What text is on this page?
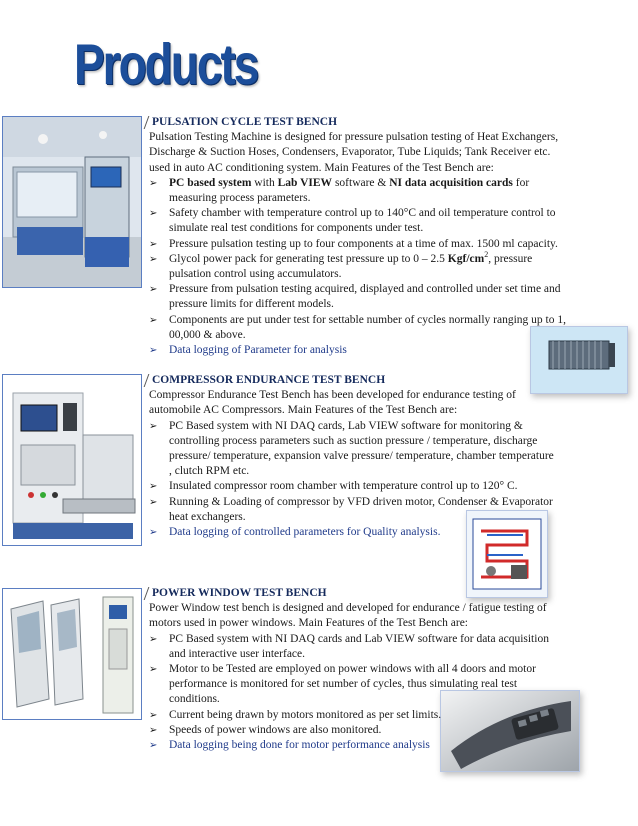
Products
PULSATION CYCLE TEST BENCH

Pulsation Testing Machine is designed for pressure pulsation testing of Heat Exchangers, Discharge & Suction Hoses, Condensers, Evaporator, Tube Liquids; Tank Receiver etc. used in auto AC conditioning system. Main Features of the Test Bench are:

➢ PC based system with Lab VIEW software & NI data acquisition cards for measuring process parameters.
➢ Safety chamber with temperature control up to 140°C and oil temperature control to simulate real test conditions for components under test.
➢ Pressure pulsation testing up to four components at a time of max. 1500 ml capacity.
➢ Glycol power pack for generating test pressure up to 0 – 2.5 Kgf/$cm^2$, pressure pulsation control using accumulators.
➢ Pressure from pulsation testing acquired, displayed and controlled under set time and pressure limits for different models.
➢ Components are put under test for settable number of cycles normally ranging up to 1, 00,000 & above.
➢ Data logging of Parameter for analysis
COMPRESSOR ENDURANCE TEST BENCH

Compressor Endurance Test Bench has been developed for endurance testing of automobile AC Compressors. Main Features of the Test Bench are:

➢ PC Based system with NI DAQ cards, Lab VIEW software for monitoring & controlling process parameters such as suction pressure / temperature, discharge pressure/ temperature, expansion valve pressure/ temperature, chamber temperature , clutch RPM etc.
➢ Insulated compressor room chamber with temperature control up to 120° C.
➢ Running & Loading of compressor by VFD driven motor, Condenser & Evaporator heat exchangers.
➢ Data logging of controlled parameters for Quality analysis.
POWER WINDOW TEST BENCH

Power Window test bench is designed and developed for endurance / fatigue testing of motors used in power windows. Main Features of the Test Bench are:

➢ PC Based system with NI DAQ cards and Lab VIEW software for data acquisition and interactive user interface.
➢ Motor to be Tested are employed on power windows with all 4 doors and motor performance is monitored for set number of cycles, thus simulating real test conditions.
➢ Current being drawn by motors monitored as per set limits.
➢ Speeds of power windows are also monitored.
➢ Data logging being done for motor performance analysis
